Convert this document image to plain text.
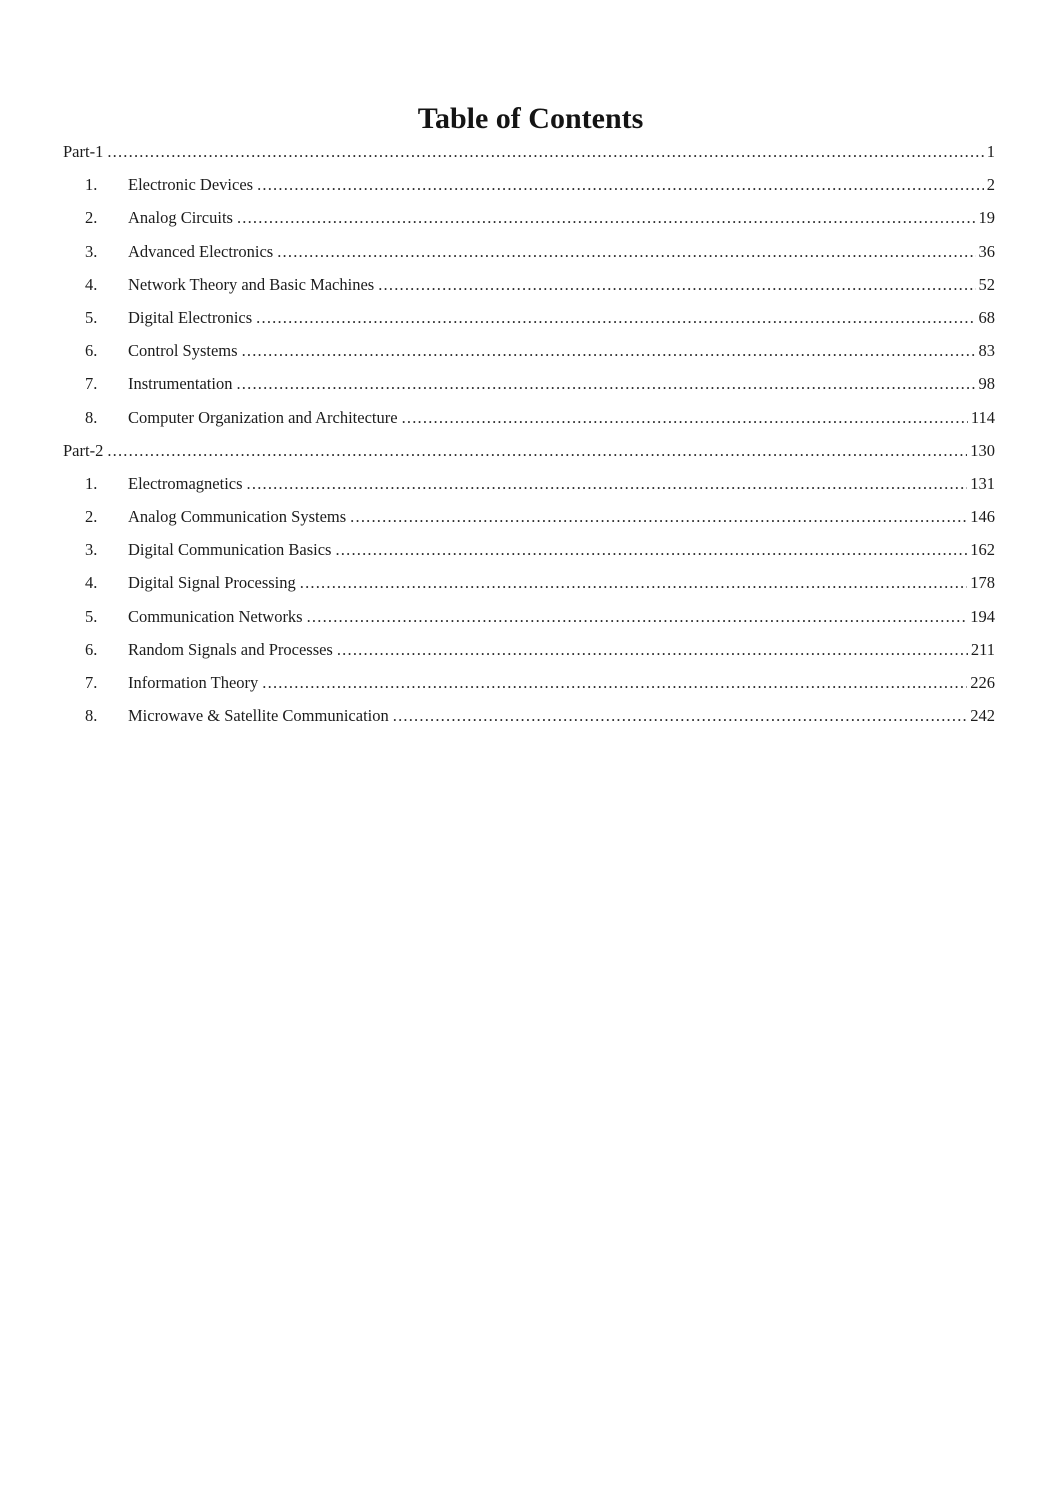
Table of Contents
Part-1 .....	1
1.	Electronic Devices .....	2
2.	Analog Circuits .....	19
3.	Advanced Electronics .....	36
4.	Network Theory and Basic Machines .....	52
5.	Digital Electronics .....	68
6.	Control Systems .....	83
7.	Instrumentation .....	98
8.	Computer Organization and Architecture .....	114
Part-2 .....	130
1.	Electromagnetics .....	131
2.	Analog Communication Systems .....	146
3.	Digital Communication Basics .....	162
4.	Digital Signal Processing .....	178
5.	Communication Networks .....	194
6.	Random Signals and Processes .....	211
7.	Information Theory .....	226
8.	Microwave & Satellite Communication .....	242
